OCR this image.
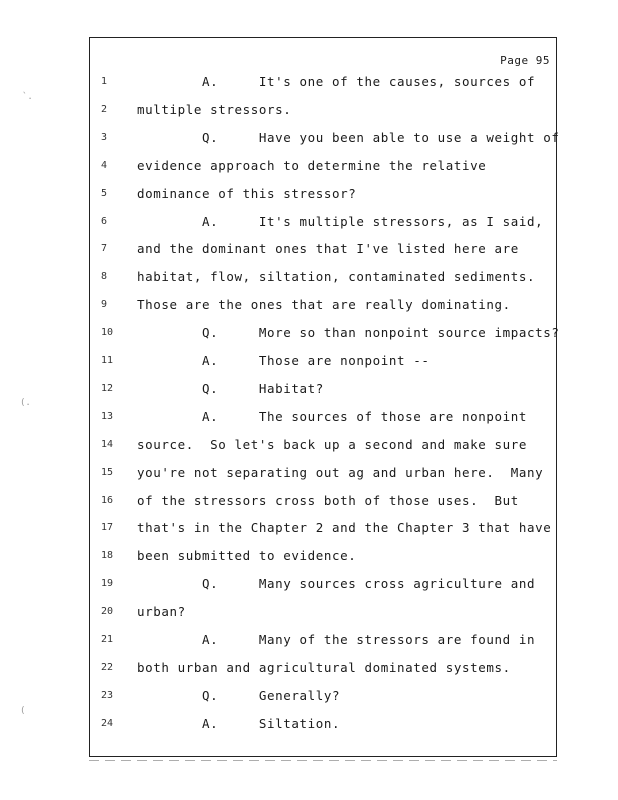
`.
(.
(
Page 95
1	A.     It's one of the causes, sources of
2	multiple stressors.
3	Q.     Have you been able to use a weight of
4	evidence approach to determine the relative
5	dominance of this stressor?
6	A.     It's multiple stressors, as I said,
7	and the dominant ones that I've listed here are
8	habitat, flow, siltation, contaminated sediments.
9	Those are the ones that are really dominating.
10	Q.     More so than nonpoint source impacts?
11	A.     Those are nonpoint --
12	Q.     Habitat?
13	A.     The sources of those are nonpoint
14	source.  So let's back up a second and make sure
15	you're not separating out ag and urban here.  Many
16	of the stressors cross both of those uses.  But
17	that's in the Chapter 2 and the Chapter 3 that have
18	been submitted to evidence.
19	Q.     Many sources cross agriculture and
20	urban?
21	A.     Many of the stressors are found in
22	both urban and agricultural dominated systems.
23	Q.     Generally?
24	A.     Siltation.
